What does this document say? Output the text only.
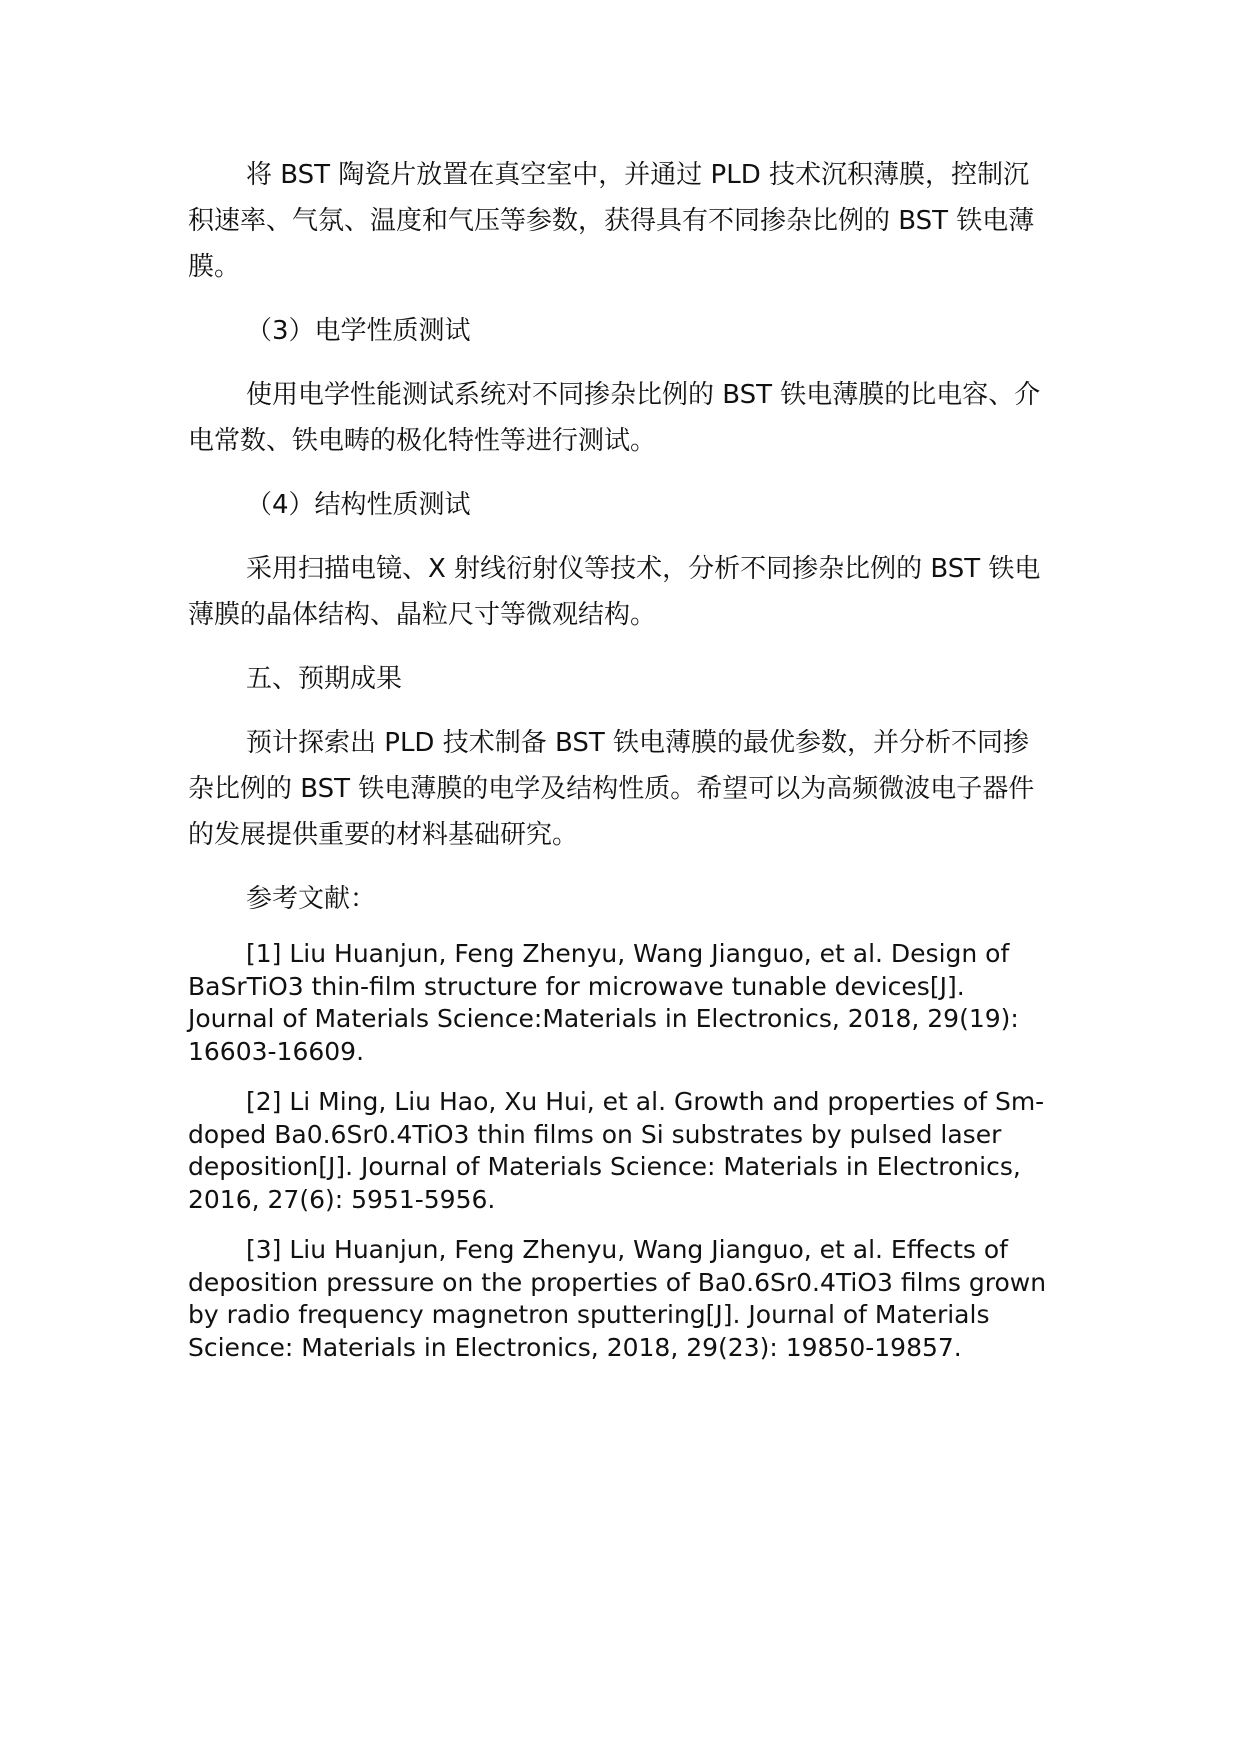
将 BST 陶瓷片放置在真空室中，并通过 PLD 技术沉积薄膜，控制沉积速率、气氛、温度和气压等参数，获得具有不同掺杂比例的 BST 铁电薄膜。

（3）电学性质测试

使用电学性能测试系统对不同掺杂比例的 BST 铁电薄膜的比电容、介电常数、铁电畴的极化特性等进行测试。

（4）结构性质测试

采用扫描电镜、X 射线衍射仪等技术，分析不同掺杂比例的 BST 铁电薄膜的晶体结构、晶粒尺寸等微观结构。

五、预期成果

预计探索出 PLD 技术制备 BST 铁电薄膜的最优参数，并分析不同掺杂比例的 BST 铁电薄膜的电学及结构性质。希望可以为高频微波电子器件的发展提供重要的材料基础研究。

参考文献：

[1] Liu Huanjun, Feng Zhenyu, Wang Jianguo, et al. Design of BaSrTiO3 thin-film structure for microwave tunable devices[J]. Journal of Materials Science:Materials in Electronics, 2018, 29(19): 16603-16609.

[2] Li Ming, Liu Hao, Xu Hui, et al. Growth and properties of Sm-doped Ba0.6Sr0.4TiO3 thin films on Si substrates by pulsed laser deposition[J]. Journal of Materials Science: Materials in Electronics, 2016, 27(6): 5951-5956.

[3] Liu Huanjun, Feng Zhenyu, Wang Jianguo, et al. Effects of deposition pressure on the properties of Ba0.6Sr0.4TiO3 films grown by radio frequency magnetron sputtering[J]. Journal of Materials Science: Materials in Electronics, 2018, 29(23): 19850-19857.
